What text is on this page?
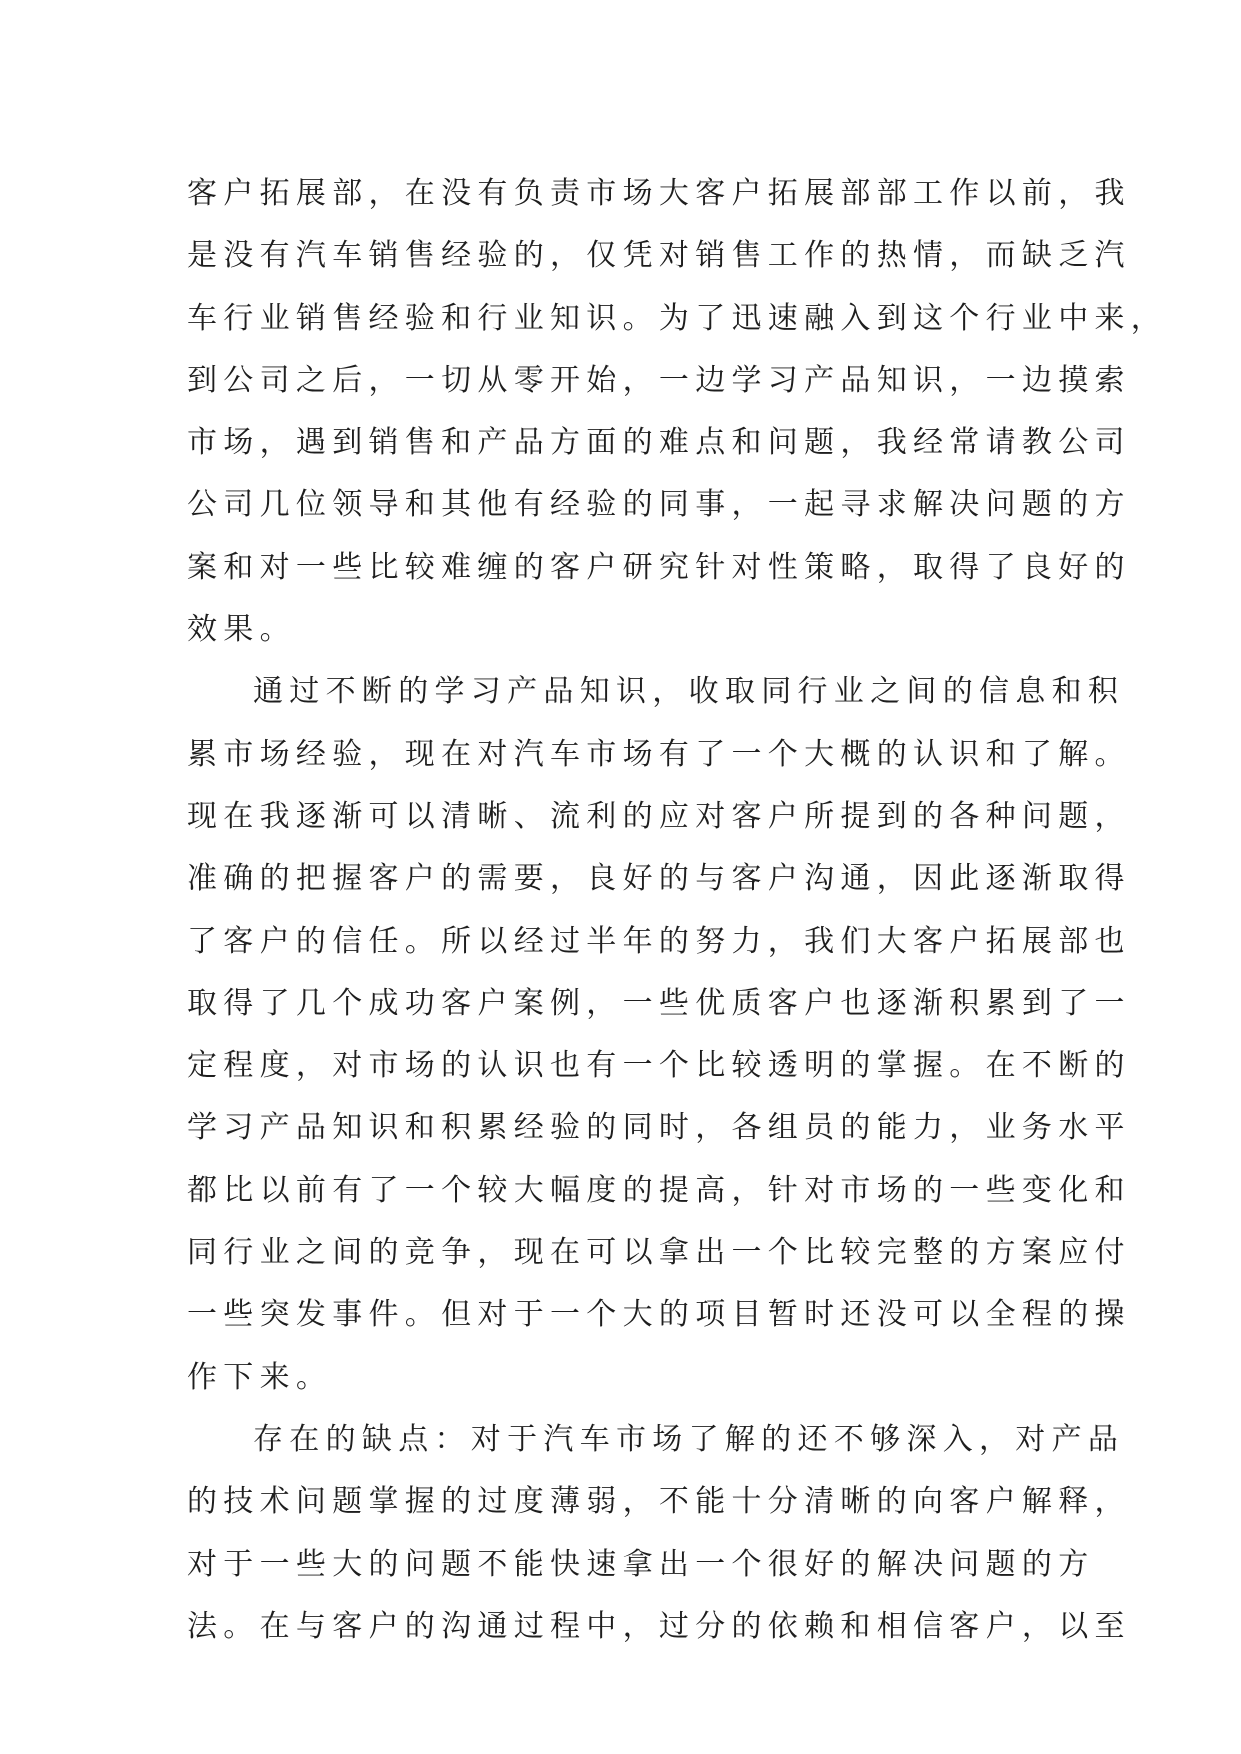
客户拓展部，在没有负责市场大客户拓展部部工作以前，我
是没有汽车销售经验的，仅凭对销售工作的热情，而缺乏汽
车行业销售经验和行业知识。为了迅速融入到这个行业中来，
到公司之后，一切从零开始，一边学习产品知识，一边摸索
市场，遇到销售和产品方面的难点和问题，我经常请教公司
公司几位领导和其他有经验的同事，一起寻求解决问题的方
案和对一些比较难缠的客户研究针对性策略，取得了良好的
效果。
通过不断的学习产品知识，收取同行业之间的信息和积
累市场经验，现在对汽车市场有了一个大概的认识和了解。
现在我逐渐可以清晰、流利的应对客户所提到的各种问题，
准确的把握客户的需要，良好的与客户沟通，因此逐渐取得
了客户的信任。所以经过半年的努力，我们大客户拓展部也
取得了几个成功客户案例，一些优质客户也逐渐积累到了一
定程度，对市场的认识也有一个比较透明的掌握。在不断的
学习产品知识和积累经验的同时，各组员的能力，业务水平
都比以前有了一个较大幅度的提高，针对市场的一些变化和
同行业之间的竞争，现在可以拿出一个比较完整的方案应付
一些突发事件。但对于一个大的项目暂时还没可以全程的操
作下来。
存在的缺点：对于汽车市场了解的还不够深入，对产品
的技术问题掌握的过度薄弱，不能十分清晰的向客户解释，
对于一些大的问题不能快速拿出一个很好的解决问题的方
法。在与客户的沟通过程中，过分的依赖和相信客户，以至
